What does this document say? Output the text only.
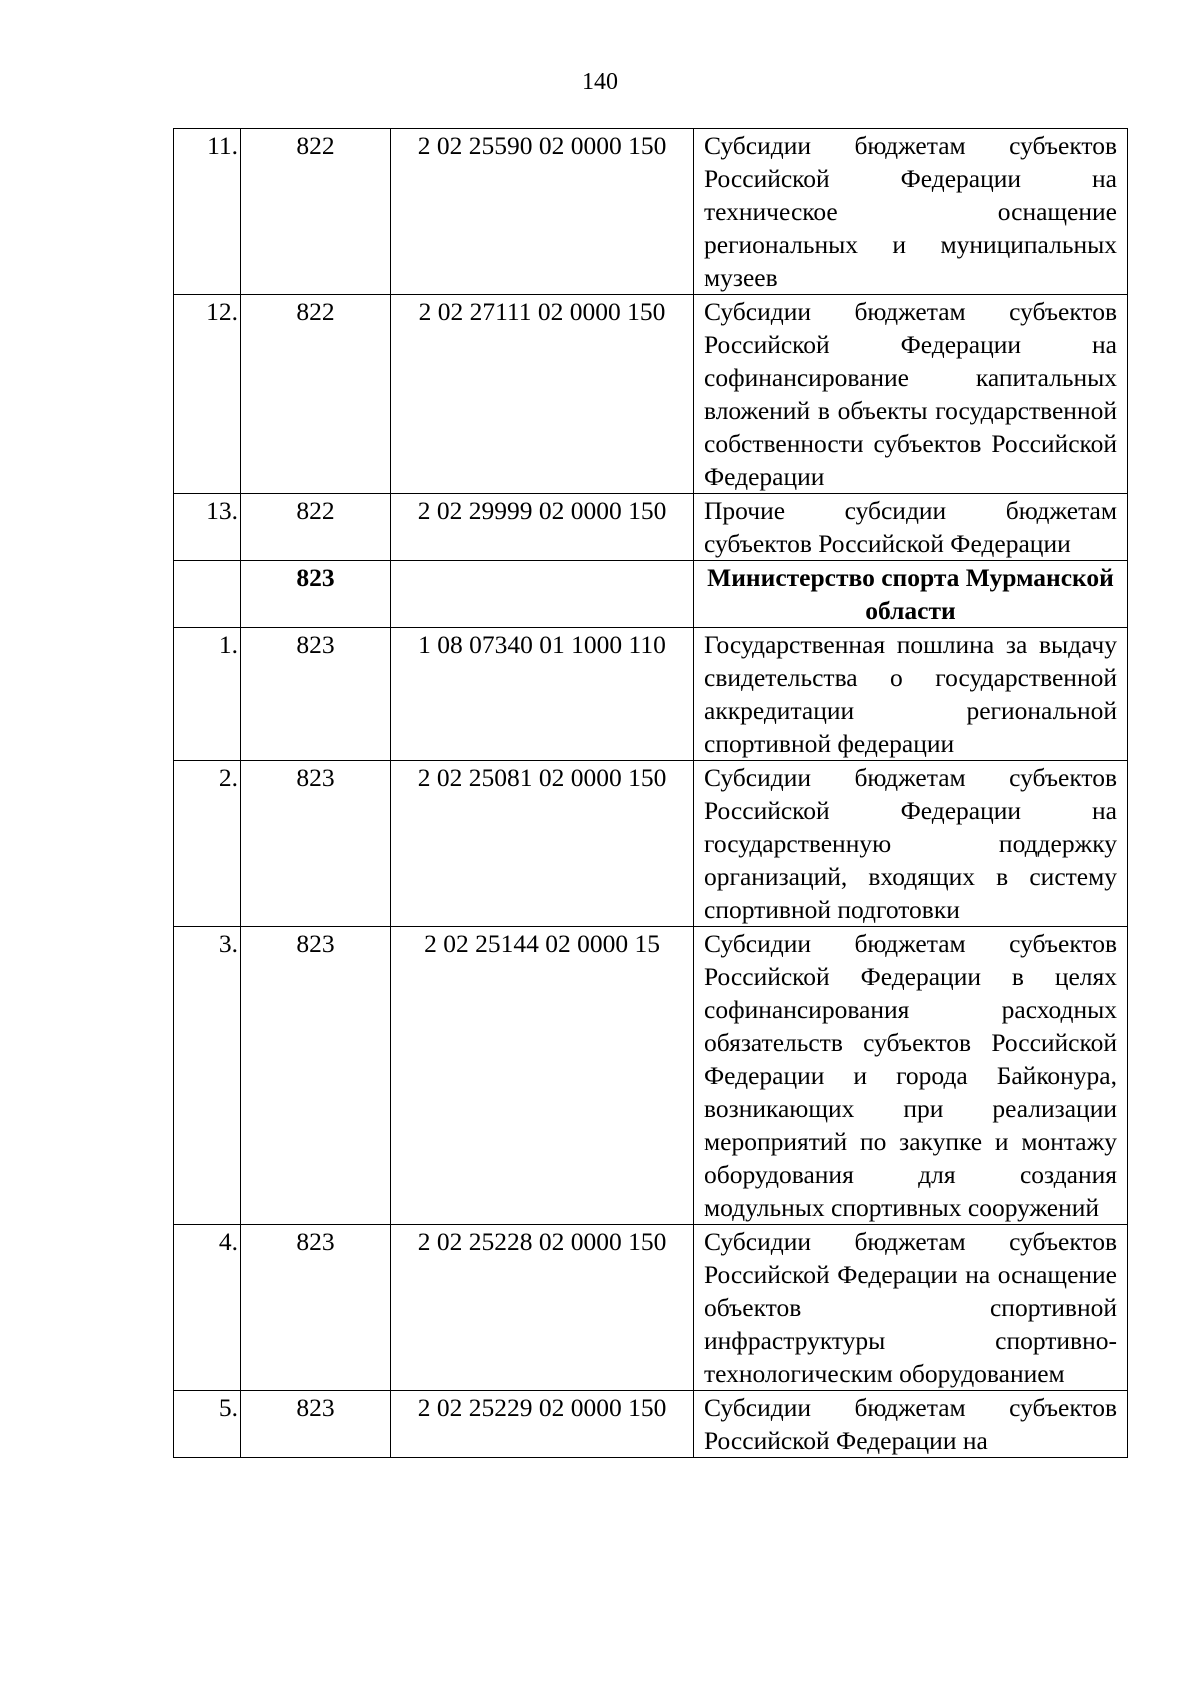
140
11.	822	2 02 25590 02 0000 150	Субсидии бюджетам субъектов Российской Федерации на техническое оснащение региональных и муниципальных музеев
12.	822	2 02 27111 02 0000 150	Субсидии бюджетам субъектов Российской Федерации на софинансирование капитальных вложений в объекты государственной собственности субъектов Российской Федерации
13.	822	2 02 29999 02 0000 150	Прочие субсидии бюджетам субъектов Российской Федерации
	823		Министерство спорта Мурманской области
1.	823	1 08 07340 01 1000 110	Государственная пошлина за выдачу свидетельства о государственной аккредитации региональной спортивной федерации
2.	823	2 02 25081 02 0000 150	Субсидии бюджетам субъектов Российской Федерации на государственную поддержку организаций, входящих в систему спортивной подготовки
3.	823	2 02 25144 02 0000 15	Субсидии бюджетам субъектов Российской Федерации в целях софинансирования расходных обязательств субъектов Российской Федерации и города Байконура, возникающих при реализации мероприятий по закупке и монтажу оборудования для создания модульных спортивных сооружений
4.	823	2 02 25228 02 0000 150	Субсидии бюджетам субъектов Российской Федерации на оснащение объектов спортивной инфраструктуры спортивно-технологическим оборудованием
5.	823	2 02 25229 02 0000 150	Субсидии бюджетам субъектов Российской Федерации на
